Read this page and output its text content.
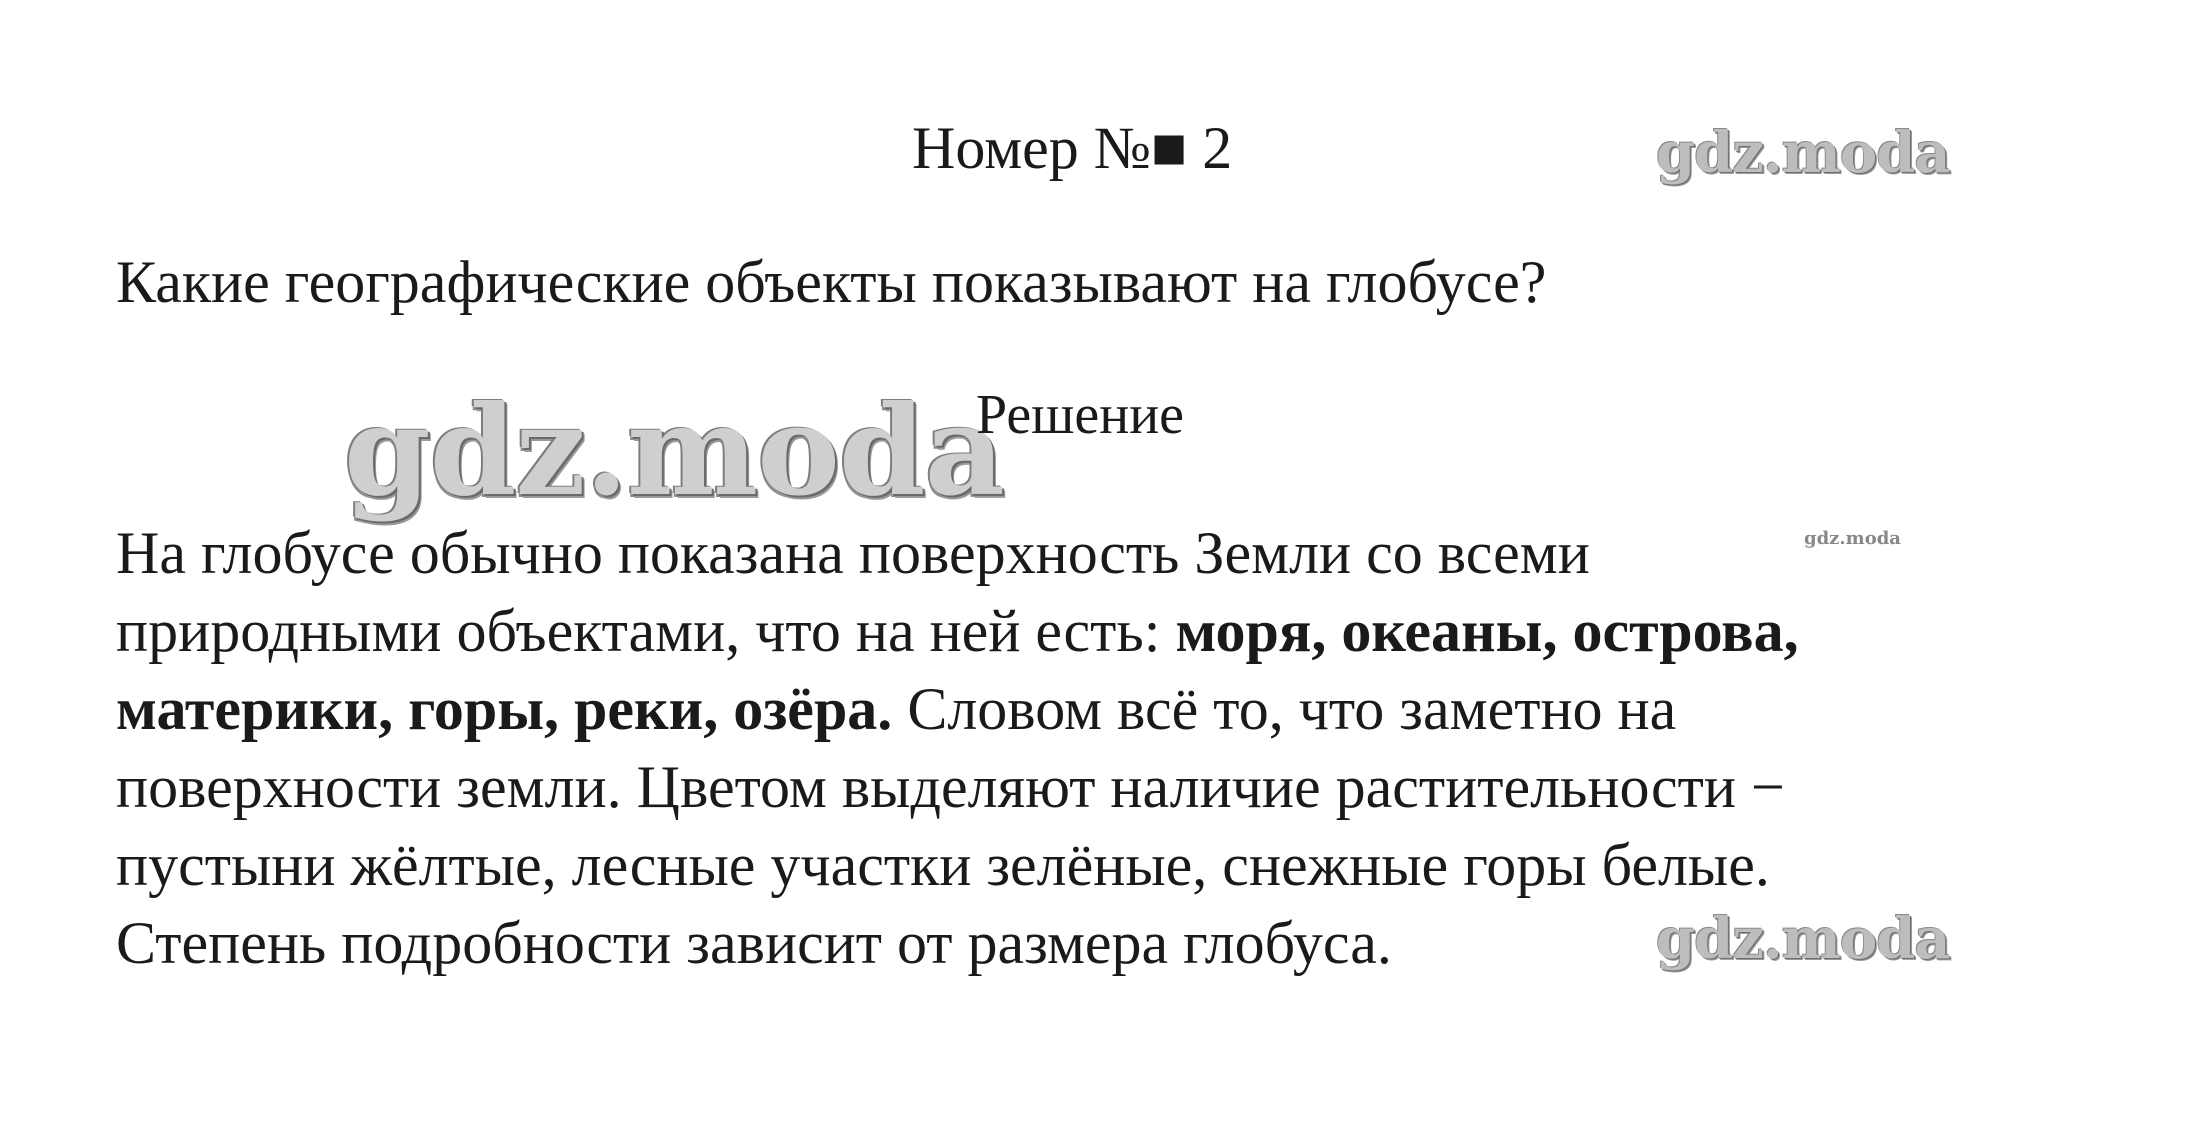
Номер №■ 2	gdz.moda
Какие географические объекты показывают на глобусе?
gdz.moda
Решение
На глобусе обычно показана поверхность Земли со всеми
природными объектами, что на ней есть: моря, океаны, острова,
материки, горы, реки, озёра. Словом всё то, что заметно на
поверхности земли. Цветом выделяют наличие растительности −
пустыни жёлтые, лесные участки зелёные, снежные горы белые.
Степень подробности зависит от размера глобуса.
gdz.moda
gdz.moda
